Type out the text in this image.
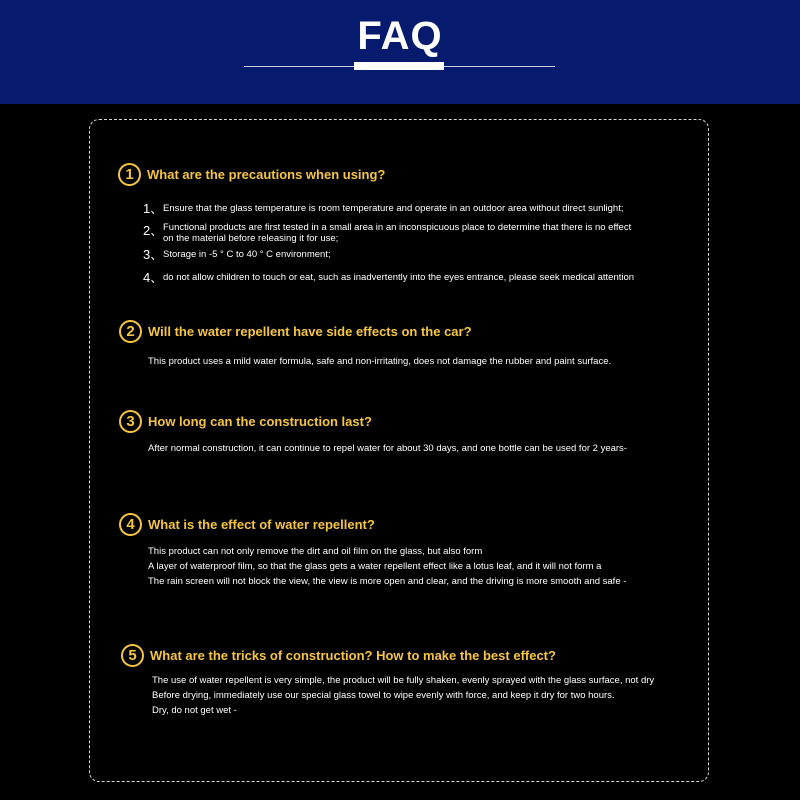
FAQ
1	What are the precautions when using?
1、 Ensure that the glass temperature is room temperature and operate in an outdoor area without direct sunlight;
2、 Functional products are first tested in a small area in an inconspicuous place to determine that there is no effect
on the material before releasing it for use;
3、 Storage in -5 ° C to 40 ° C environment;
4、 do not allow children to touch or eat, such as inadvertently into the eyes entrance, please seek medical attention
2	Will the water repellent have side effects on the car?
This product uses a mild water formula, safe and non-irritating, does not damage the rubber and paint surface.
3	How long can the construction last?
After normal construction, it can continue to repel water for about 30 days, and one bottle can be used for 2 years-
4	What is the effect of water repellent?
This product can not only remove the dirt and oil film on the glass, but also form
A layer of waterproof film, so that the glass gets a water repellent effect like a lotus leaf, and it will not form a
The rain screen will not block the view, the view is more open and clear, and the driving is more smooth and safe -
5	What are the tricks of construction? How to make the best effect?
The use of water repellent is very simple, the product will be fully shaken, evenly sprayed with the glass surface, not dry
Before drying, immediately use our special glass towel to wipe evenly with force, and keep it dry for two hours.
Dry, do not get wet -
